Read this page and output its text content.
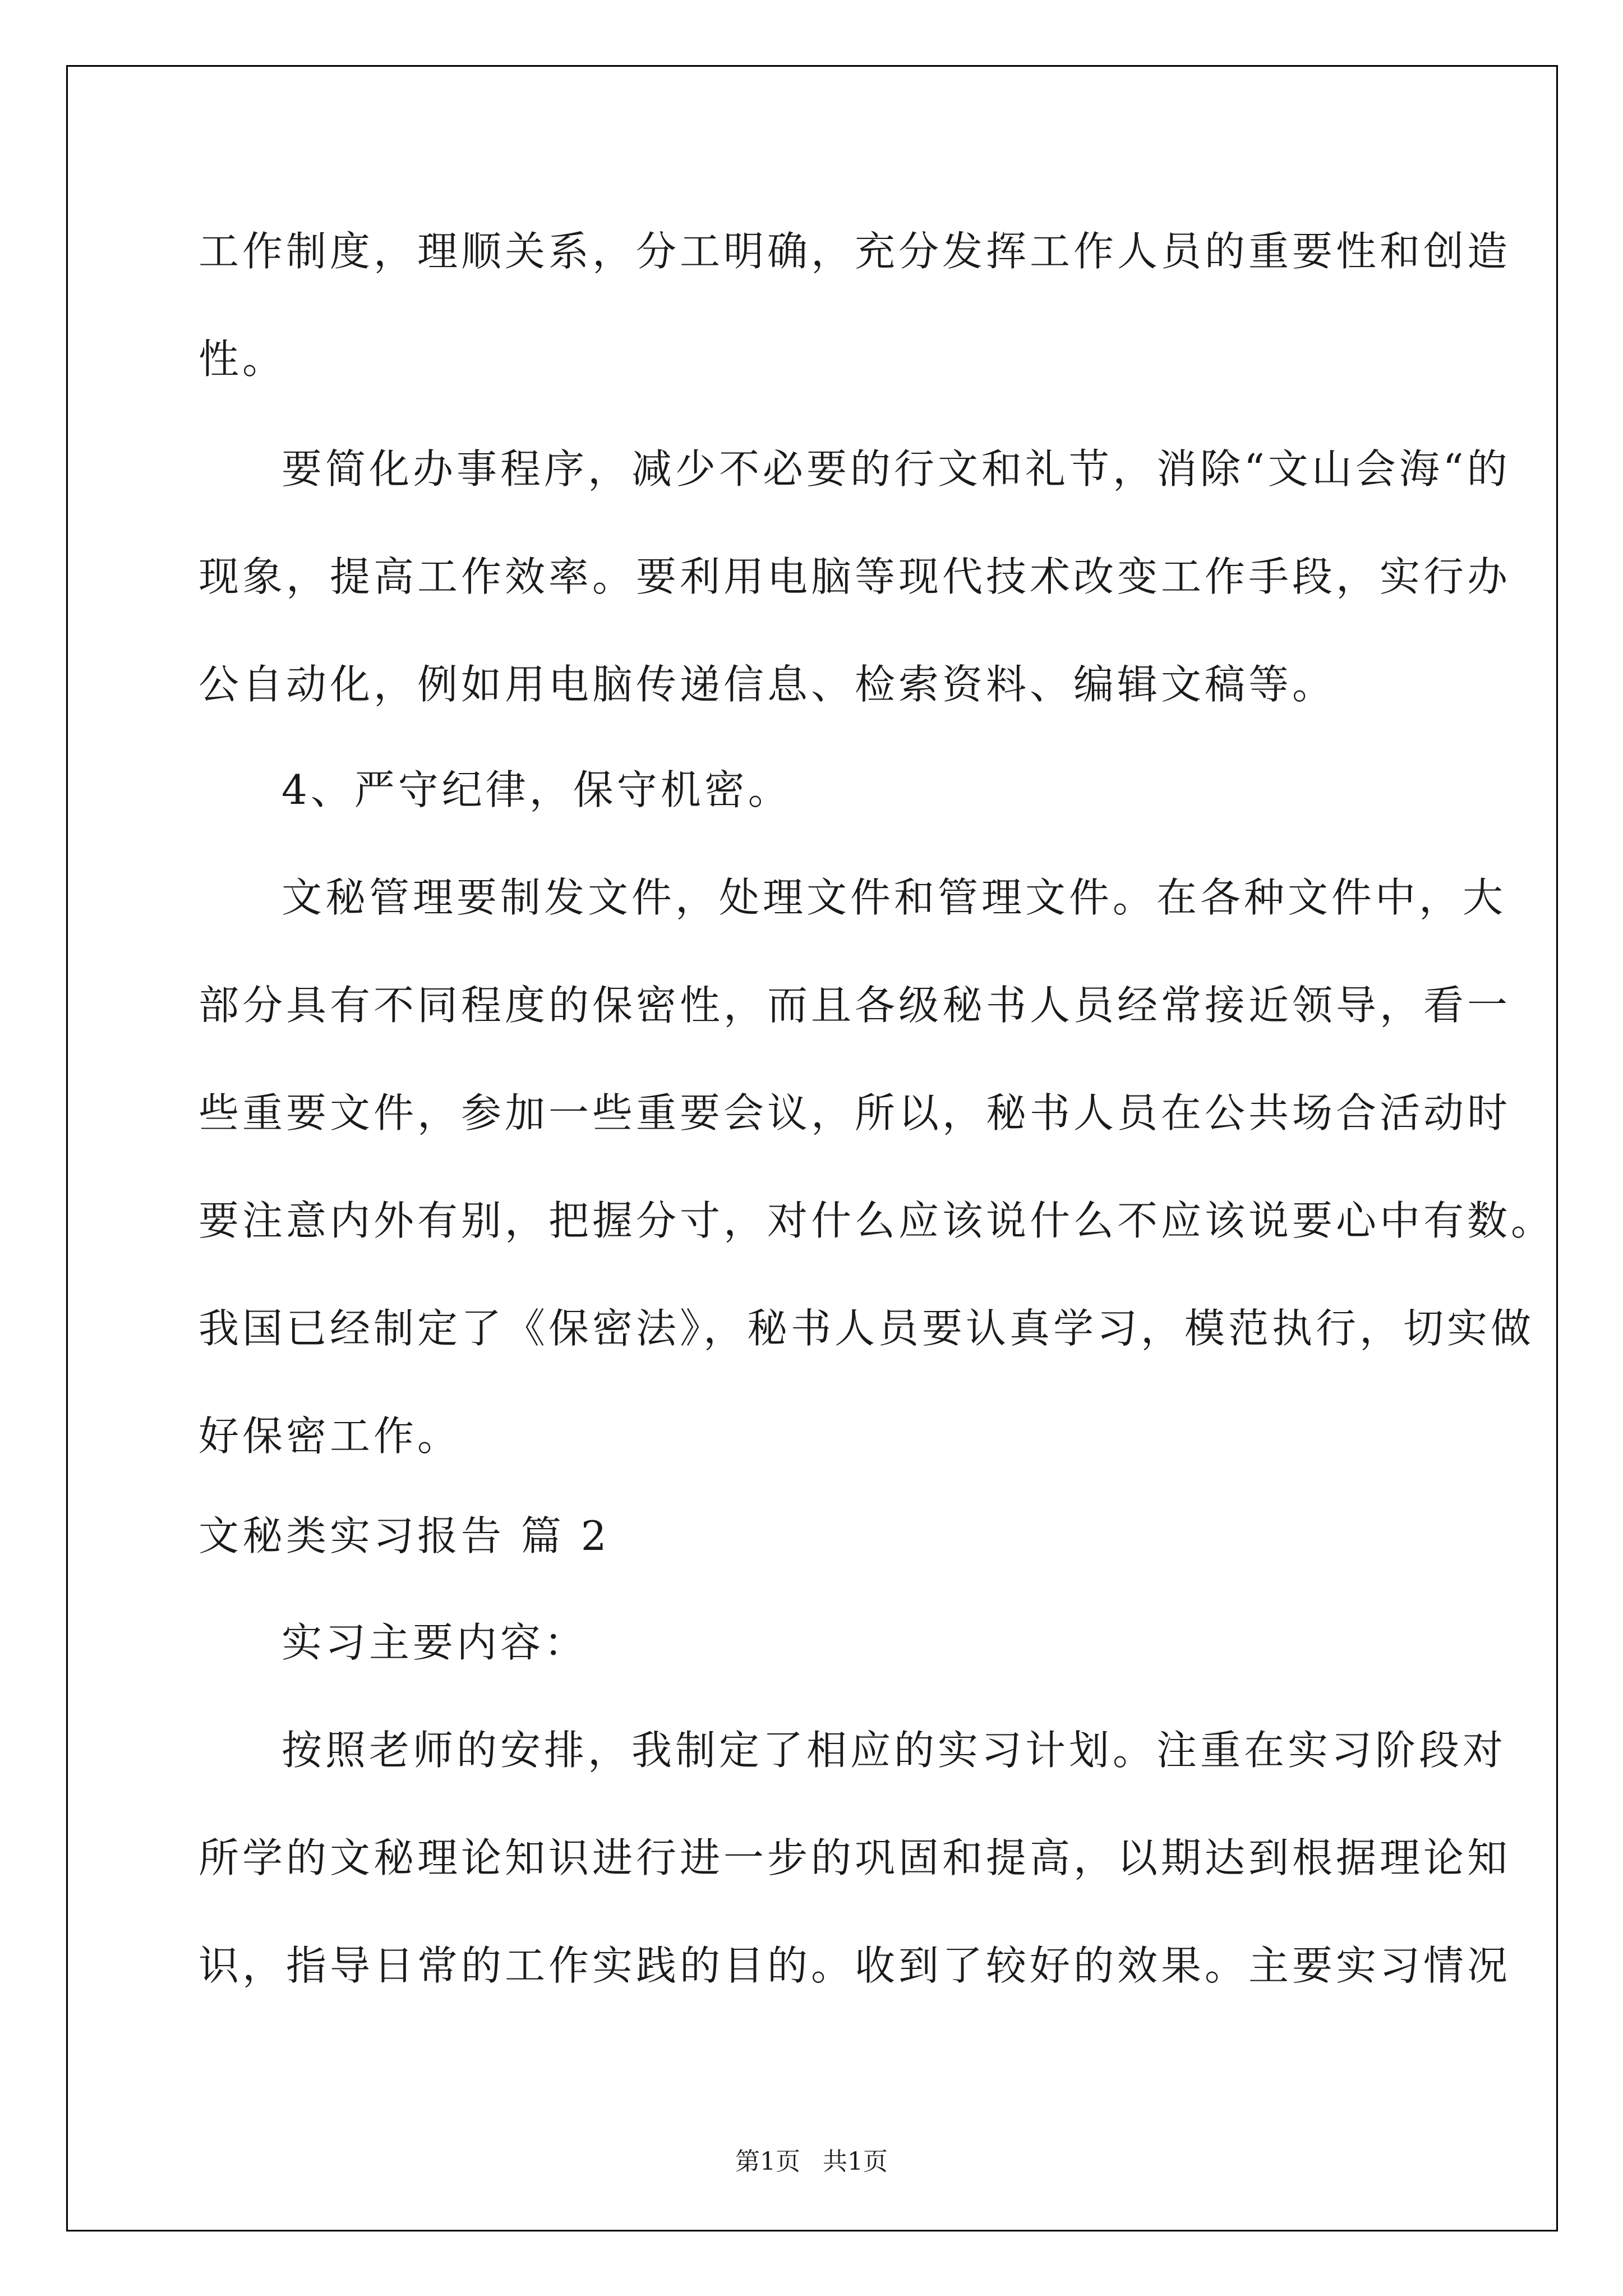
工作制度，理顺关系，分工明确，充分发挥工作人员的重要性和创造
性。
要简化办事程序，减少不必要的行文和礼节，消除“文山会海“的
现象，提高工作效率。要利用电脑等现代技术改变工作手段，实行办
公自动化，例如用电脑传递信息、检索资料、编辑文稿等。
4、严守纪律，保守机密。
文秘管理要制发文件，处理文件和管理文件。在各种文件中，大
部分具有不同程度的保密性，而且各级秘书人员经常接近领导，看一
些重要文件，参加一些重要会议，所以，秘书人员在公共场合活动时
要注意内外有别，把握分寸，对什么应该说什么不应该说要心中有数。
我国已经制定了《保密法》，秘书人员要认真学习，模范执行，切实做
好保密工作。
文秘类实习报告 篇 2
实习主要内容：
按照老师的安排，我制定了相应的实习计划。注重在实习阶段对
所学的文秘理论知识进行进一步的巩固和提高，以期达到根据理论知
识，指导日常的工作实践的目的。收到了较好的效果。主要实习情况
第1页 共1页
